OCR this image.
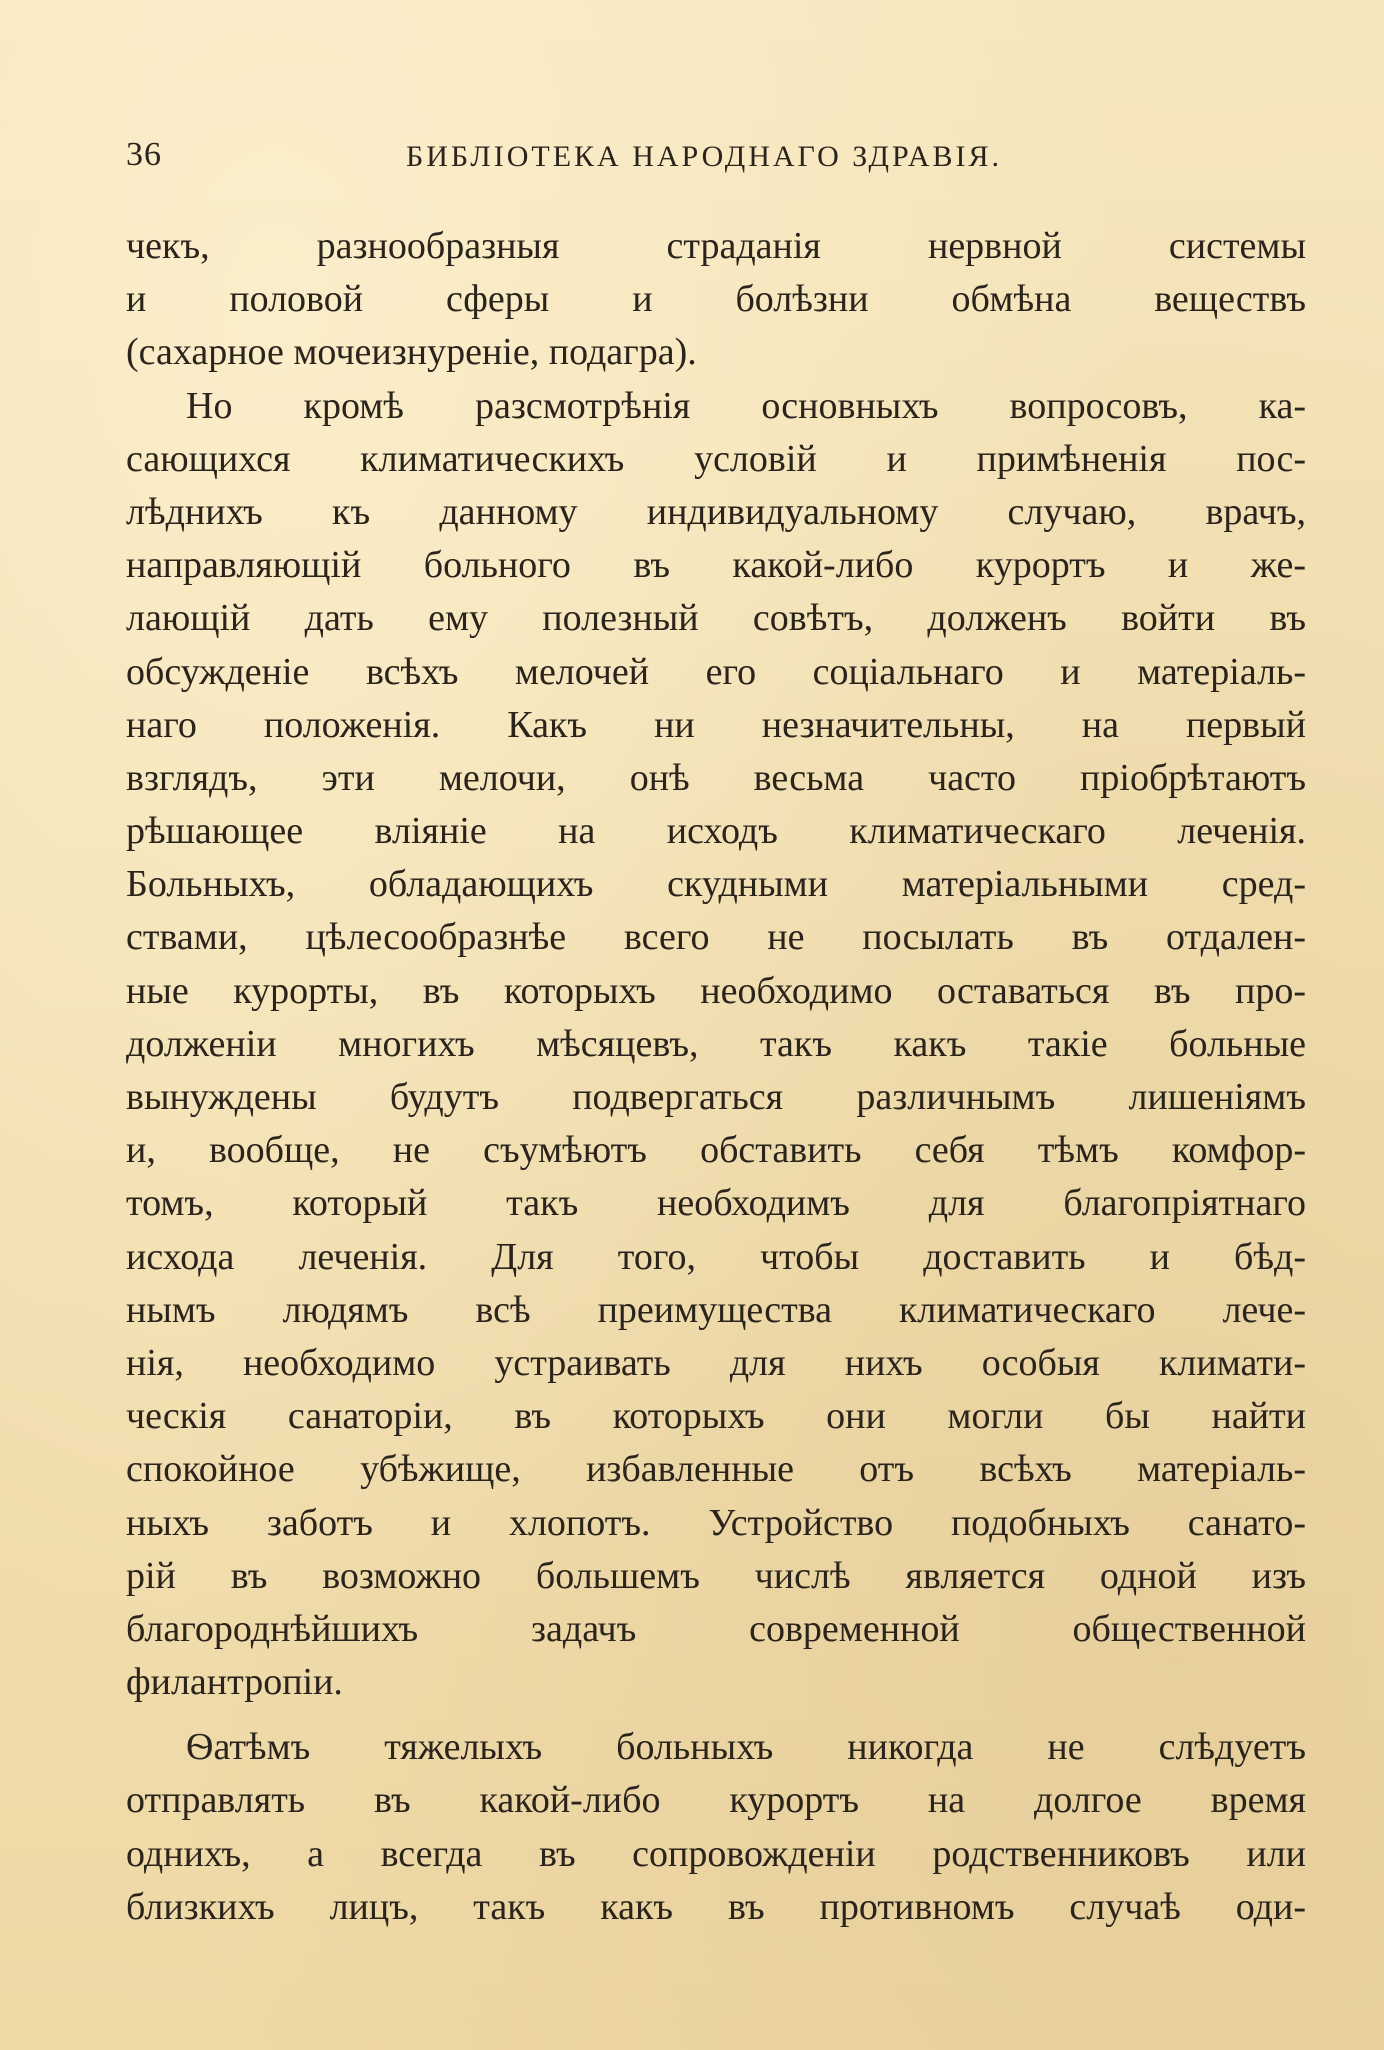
36	БИБЛІОТЕКА НАРОДНАГО ЗДРАВІЯ.
чекъ, разнообразныя страданія нервной системы
и половой сферы и болѣзни обмѣна веществъ
(сахарное мочеизнуреніе, подагра).
Но кромѣ разсмотрѣнія основныхъ вопросовъ, ка-
сающихся климатическихъ условій и примѣненія пос-
лѣднихъ къ данному индивидуальному случаю, врачъ,
направляющій больного въ какой-либо курортъ и же-
лающій дать ему полезный совѣтъ, долженъ войти въ
обсужденіе всѣхъ мелочей его соціальнаго и матеріаль-
наго положенія. Какъ ни незначительны, на первый
взглядъ, эти мелочи, онѣ весьма часто пріобрѣтаютъ
рѣшающее вліяніе на исходъ климатическаго леченія.
Больныхъ, обладающихъ скудными матеріальными сред-
ствами, цѣлесообразнѣе всего не посылать въ отдален-
ные курорты, въ которыхъ необходимо оставаться въ про-
долженіи многихъ мѣсяцевъ, такъ какъ такіе больные
вынуждены будутъ подвергаться различнымъ лишеніямъ
и, вообще, не съумѣютъ обставить себя тѣмъ комфор-
томъ, который такъ необходимъ для благопріятнаго
исхода леченія. Для того, чтобы доставить и бѣд-
нымъ людямъ всѣ преимущества климатическаго лече-
нія, необходимо устраивать для нихъ особыя климати-
ческія санаторіи, въ которыхъ они могли бы найти
спокойное убѣжище, избавленные отъ всѣхъ матеріаль-
ныхъ заботъ и хлопотъ. Устройство подобныхъ санато-
рій въ возможно большемъ числѣ является одной изъ
благороднѣйшихъ задачъ современной общественной
филантропіи.
Ѳатѣмъ тяжелыхъ больныхъ никогда не слѣдуетъ
отправлять въ какой-либо курортъ на долгое время
однихъ, а всегда въ сопровожденіи родственниковъ или
близкихъ лицъ, такъ какъ въ противномъ случаѣ оди-
